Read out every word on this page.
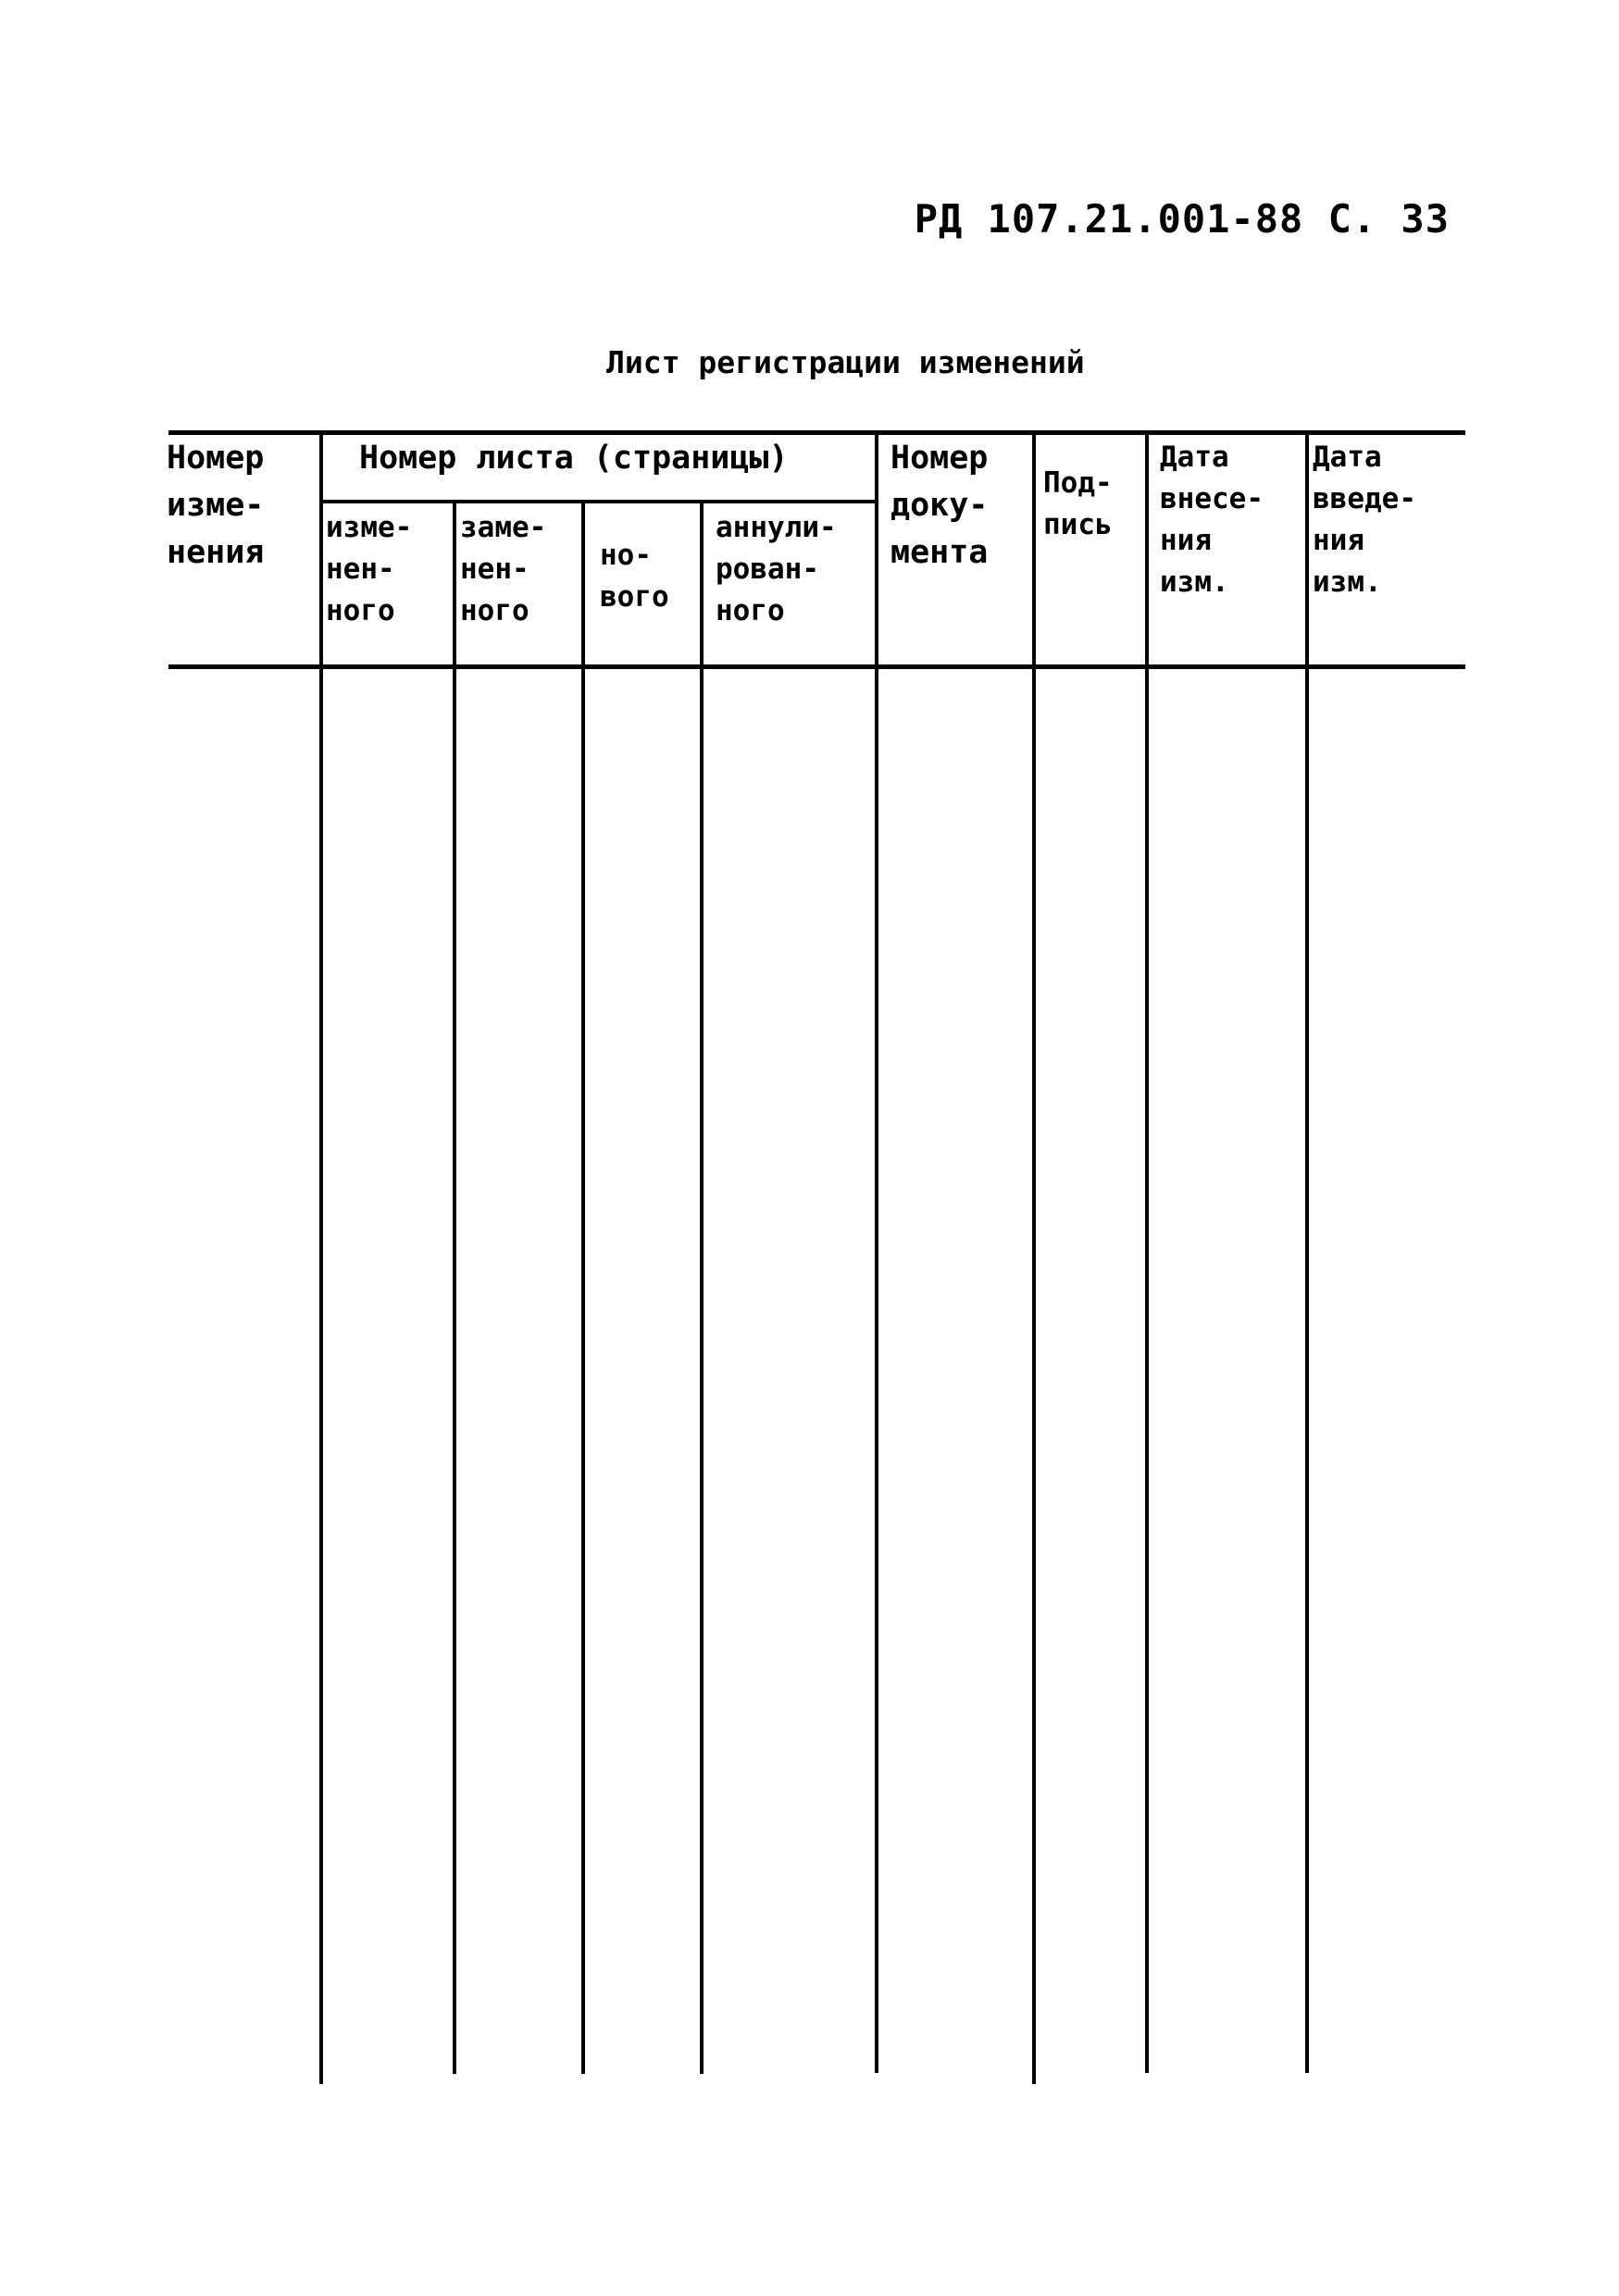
РД 107.21.001-88 С. 33
Лист регистрации изменений
Номер
изме-
нения
Номер листа (страницы)
изме-
нен-
ного
заме-
нен-
ного
но-
вого
аннули-
рован-
ного
Номер
доку-
мента
Под-
пись
Дата
внесе-
ния
изм.
Дата
введе-
ния
изм.
